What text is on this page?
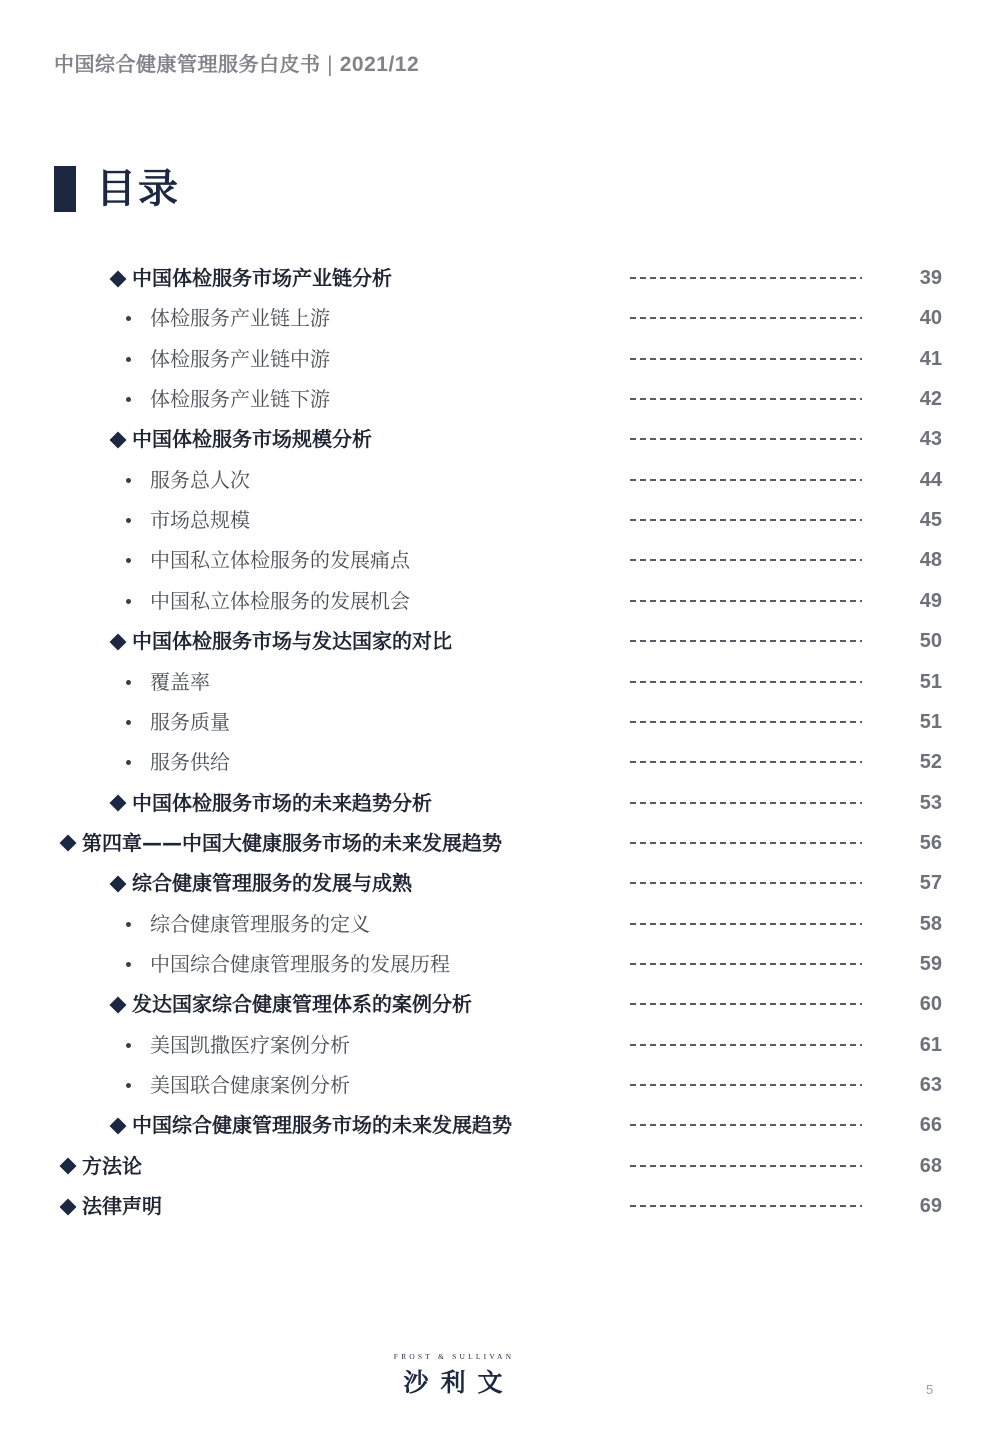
中国综合健康管理服务白皮书 | 2021/12
目录
中国体检服务市场产业链分析	39
体检服务产业链上游	40
体检服务产业链中游	41
体检服务产业链下游	42
中国体检服务市场规模分析	43
服务总人次	44
市场总规模	45
中国私立体检服务的发展痛点	48
中国私立体检服务的发展机会	49
中国体检服务市场与发达国家的对比	50
覆盖率	51
服务质量	51
服务供给	52
中国体检服务市场的未来趋势分析	53
第四章——中国大健康服务市场的未来发展趋势	56
综合健康管理服务的发展与成熟	57
综合健康管理服务的定义	58
中国综合健康管理服务的发展历程	59
发达国家综合健康管理体系的案例分析	60
美国凯撒医疗案例分析	61
美国联合健康案例分析	63
中国综合健康管理服务市场的未来发展趋势	66
方法论	68
法律声明	69
FROST & SULLIVAN
沙利文	5
